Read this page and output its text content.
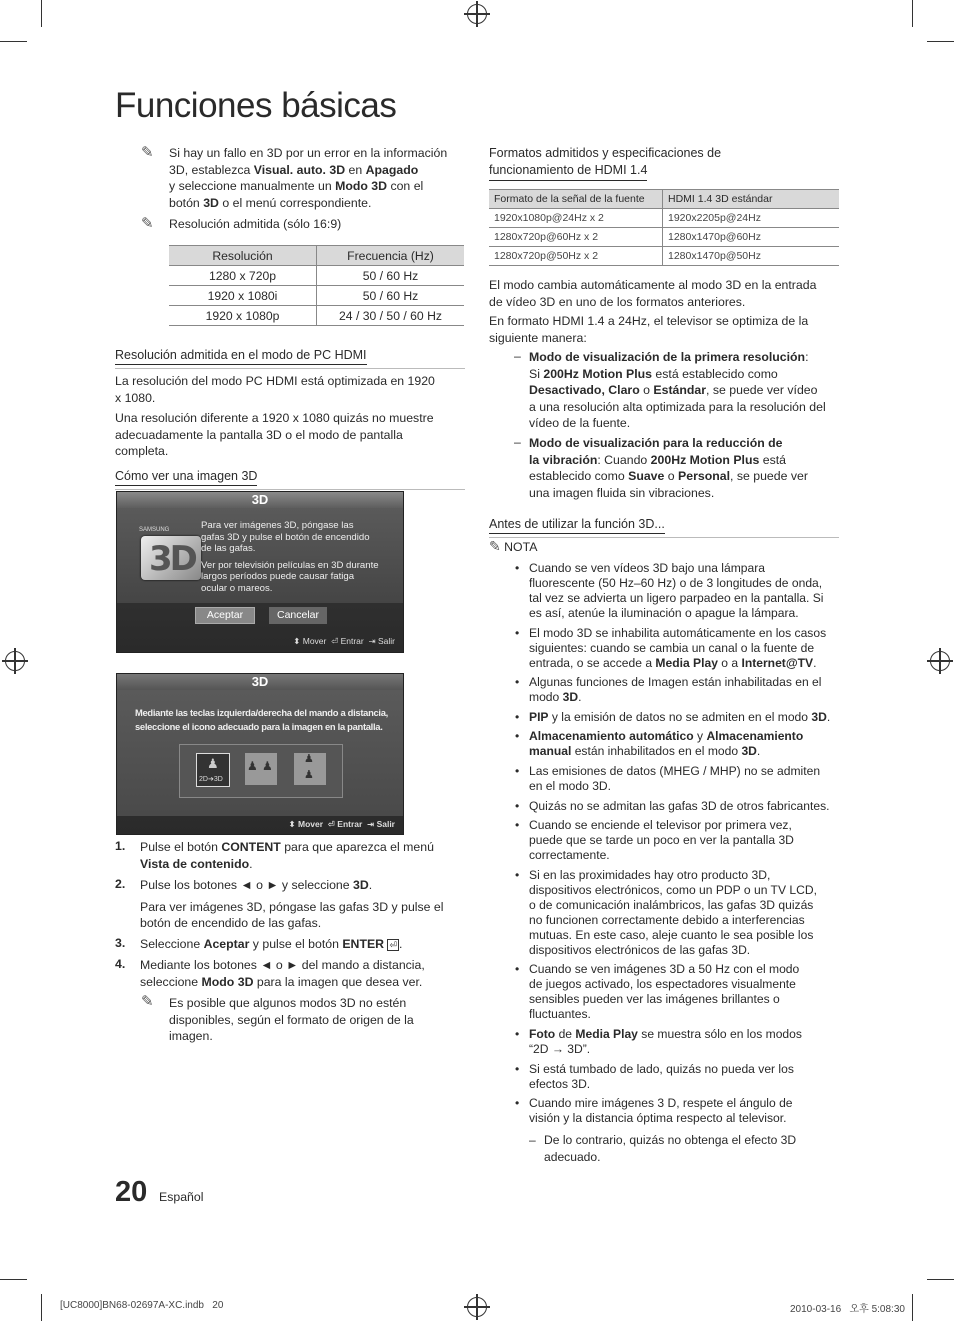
Funciones básicas
✎ Si hay un fallo en 3D por un error en la información

3D, establezca Visual. auto. 3D en Apagado

y seleccione manualmente un Modo 3D con el

botón 3D o el menú correspondiente.

✎ Resolución admitida (sólo 16:9)
Resolución	Frecuencia (Hz)
1280 x 720p	50 / 60 Hz
1920 x 1080i	50 / 60 Hz
1920 x 1080p	24 / 30 / 50 / 60 Hz
Resolución admitida en el modo de PC HDMI

La resolución del modo PC HDMI está optimizada en 1920

x 1080.

Una resolución diferente a 1920 x 1080 quizás no muestre

adecuadamente la pantalla 3D o el modo de pantalla

completa.

Cómo ver una imagen 3D
3D
SAMSUNG
3D
Para ver imágenes 3D, póngase las
gafas 3D y pulse el botón de encendido
de las gafas.
Ver por televisión películas en 3D durante
largos períodos puede causar fatiga
ocular o mareos.
Aceptar	Cancelar
⬍ Mover ⏎ Entrar ⇥ Salir
3D
Mediante las teclas izquierda/derecha del mando a distancia,
seleccione el icono adecuado para la imagen en la pantalla.
♟
2D➔3D
♟ ♟	♟
♟
⬍ Mover ⏎ Entrar ⇥ Salir
1. Pulse el botón CONTENT para que aparezca el menú

Vista de contenido.

2. Pulse los botones ◄ o ► y seleccione 3D.

Para ver imágenes 3D, póngase las gafas 3D y pulse el

botón de encendido de las gafas.

3. Seleccione Aceptar y pulse el botón ENTER ⏎ .

4. Mediante los botones ◄ o ► del mando a distancia,

seleccione Modo 3D para la imagen que desea ver.

✎ Es posible que algunos modos 3D no estén

disponibles, según el formato de origen de la

imagen.

Formatos admitidos y especificaciones de
funcionamiento de HDMI 1.4
Formato de la señal de la fuente	HDMI 1.4 3D estándar
1920x1080p@24Hz x 2	1920x2205p@24Hz
1280x720p@60Hz x 2	1280x1470p@60Hz
1280x720p@50Hz x 2	1280x1470p@50Hz

El modo cambia automáticamente al modo 3D en la entrada

de vídeo 3D en uno de los formatos anteriores.

En formato HDMI 1.4 a 24Hz, el televisor se optimiza de la

siguiente manera:

– Modo de visualización de la primera resolución:

Si 200Hz Motion Plus está establecido como

Desactivado, Claro o Estándar, se puede ver vídeo

a una resolución alta optimizada para la resolución del

vídeo de la fuente.

– Modo de visualización para la reducción de

la vibración: Cuando 200Hz Motion Plus está

establecido como Suave o Personal, se puede ver

una imagen fluida sin vibraciones.

Antes de utilizar la función 3D...
✎ NOTA
• Cuando se ven vídeos 3D bajo una lámpara
fluorescente (50 Hz–60 Hz) o de 3 longitudes de onda,
tal vez se advierta un ligero parpadeo en la pantalla. Si
es así, atenúe la iluminación o apague la lámpara.
• El modo 3D se inhabilita automáticamente en los casos
siguientes: cuando se cambia un canal o la fuente de
entrada, o se accede a Media Play o a Internet@TV.
• Algunas funciones de Imagen están inhabilitadas en el
modo 3D.
• PIP y la emisión de datos no se admiten en el modo 3D.
• Almacenamiento automático y Almacenamiento
manual están inhabilitados en el modo 3D.
• Las emisiones de datos (MHEG / MHP) no se admiten
en el modo 3D.
• Quizás no se admitan las gafas 3D de otros fabricantes.
• Cuando se enciende el televisor por primera vez,
puede que se tarde un poco en ver la pantalla 3D
correctamente.
• Si en las proximidades hay otro producto 3D,
dispositivos electrónicos, como un PDP o un TV LCD,
o de comunicación inalámbricos, las gafas 3D quizás
no funcionen correctamente debido a interferencias
mutuas. En este caso, aleje cuanto le sea posible los
dispositivos electrónicos de las gafas 3D.
• Cuando se ven imágenes 3D a 50 Hz con el modo
de juegos activado, los espectadores visualmente
sensibles pueden ver las imágenes brillantes o
fluctuantes.
• Foto de Media Play se muestra sólo en los modos
“2D → 3D”.
• Si está tumbado de lado, quizás no pueda ver los
efectos 3D.
• Cuando mire imágenes 3 D, respete el ángulo de
visión y la distancia óptima respecto al televisor.
– De lo contrario, quizás no obtenga el efecto 3D
adecuado.
20 Español
[UC8000]BN68-02697A-XC.indb   20	2010-03-16   오후 5:08:30
